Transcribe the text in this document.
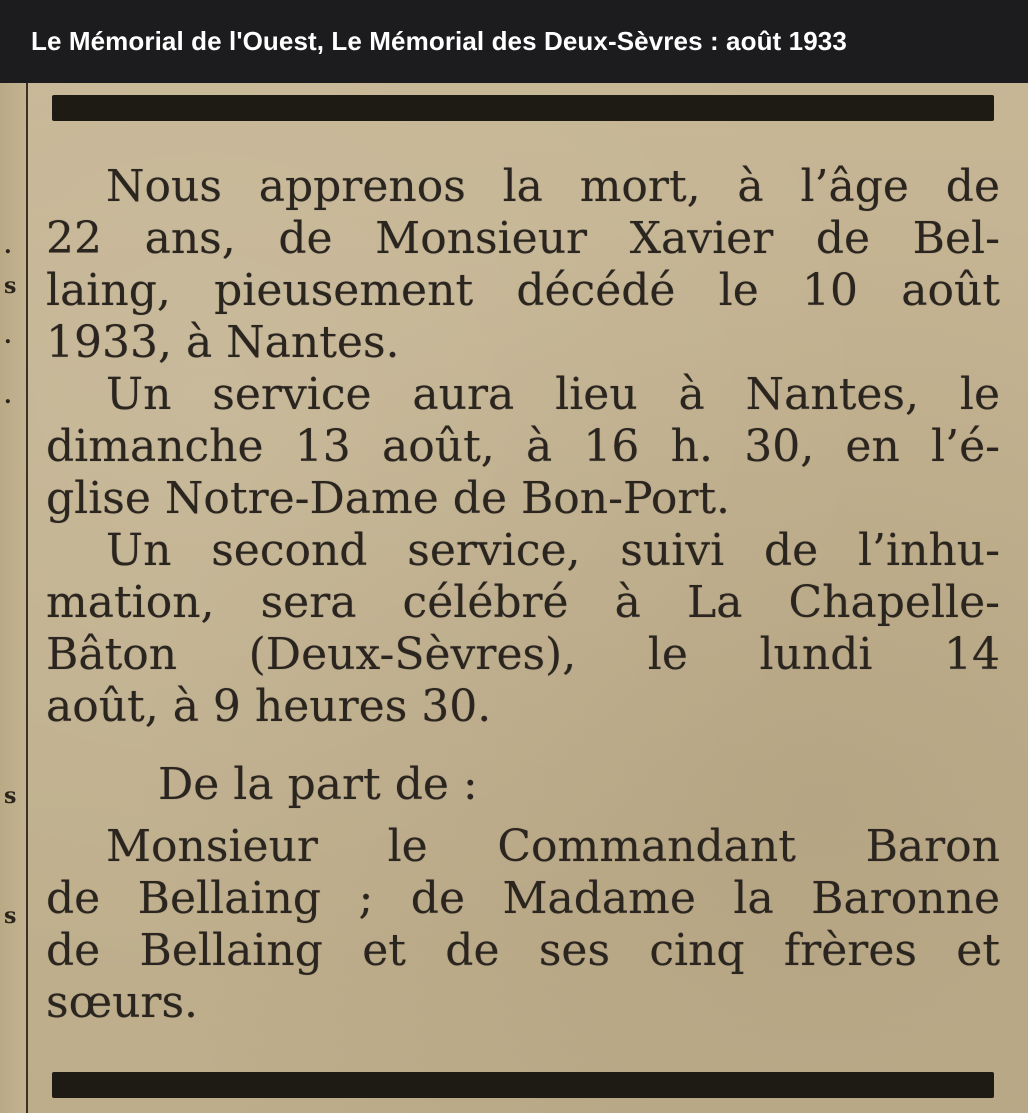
Le Mémorial de l'Ouest, Le Mémorial des Deux-Sèvres : août 1933
.
s
.
.
s
s
Nous apprenos la mort, à l’âge de
22 ans, de Monsieur Xavier de Bel-
laing, pieusement décédé le 10 août
1933, à Nantes.
Un service aura lieu à Nantes, le
dimanche 13 août, à 16 h. 30, en l’é-
glise Notre-Dame de Bon-Port.
Un second service, suivi de l’inhu-
mation, sera célébré à La Chapelle-
Bâton (Deux-Sèvres), le lundi 14
août, à 9 heures 30.
De la part de :
Monsieur le Commandant Baron
de Bellaing ; de Madame la Baronne
de Bellaing et de ses cinq frères et
sœurs.
